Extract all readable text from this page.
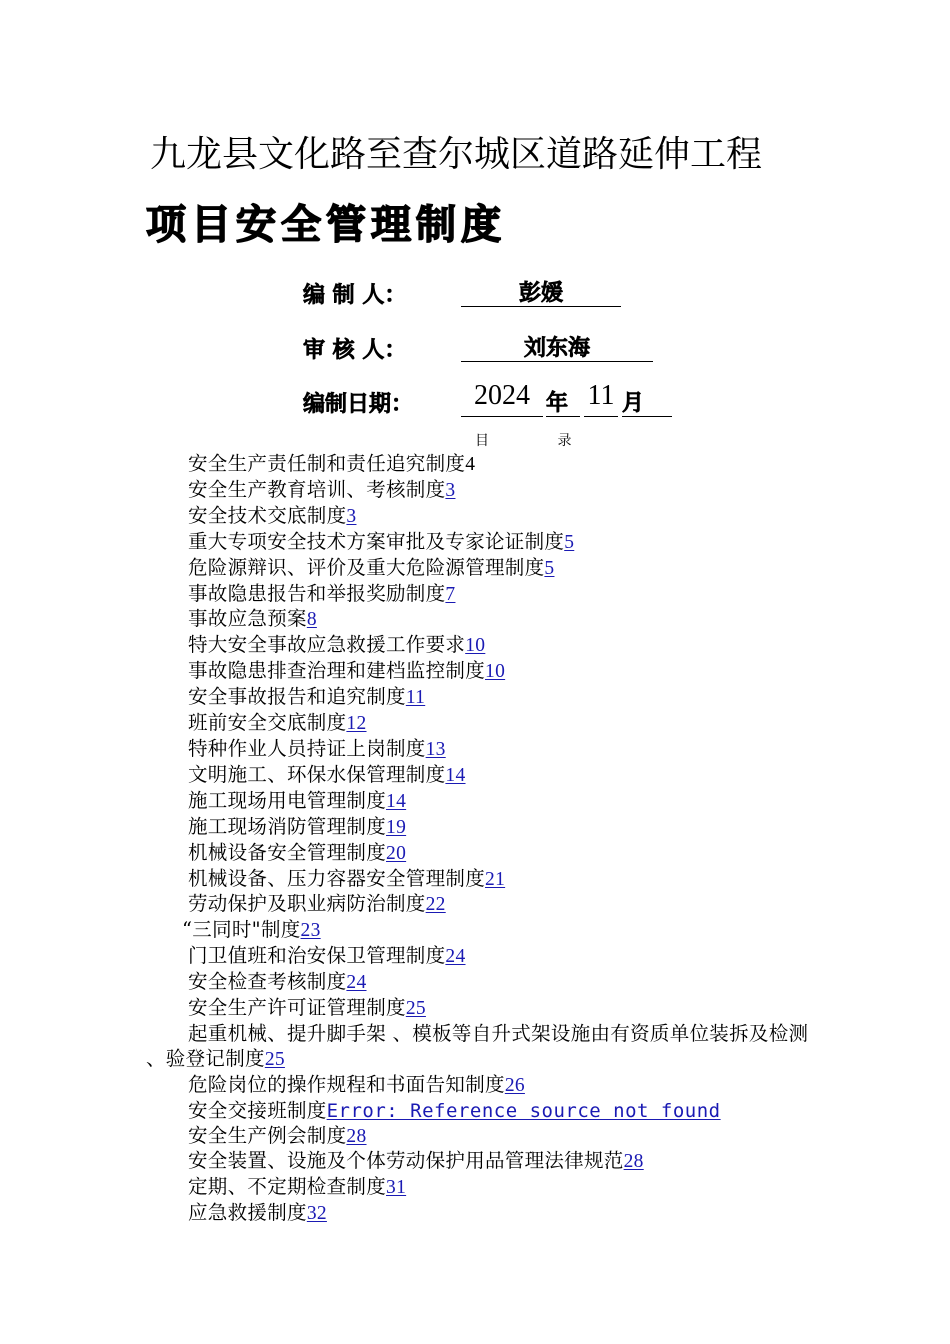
九龙县文化路至查尔城区道路延伸工程
项目安全管理制度
编 制 人：	彭媛
审 核 人：	刘东海
编制日期：	2024 年 11 月
目 录
安全生产责任制和责任追究制度4
安全生产教育培训、考核制度3
安全技术交底制度3
重大专项安全技术方案审批及专家论证制度5
危险源辩识、评价及重大危险源管理制度5
事故隐患报告和举报奖励制度7
事故应急预案8
特大安全事故应急救援工作要求10
事故隐患排查治理和建档监控制度10
安全事故报告和追究制度11
班前安全交底制度12
特种作业人员持证上岗制度13
文明施工、环保水保管理制度14
施工现场用电管理制度14
施工现场消防管理制度19
机械设备安全管理制度20
机械设备、压力容器安全管理制度21
劳动保护及职业病防治制度22
“三同时"制度23
门卫值班和治安保卫管理制度24
安全检查考核制度24
安全生产许可证管理制度25
起重机械、提升脚手架 、模板等自升式架设施由有资质单位装拆及检测 、验登记制度25
危险岗位的操作规程和书面告知制度26
安全交接班制度Error: Reference source not found
安全生产例会制度28
安全装置、设施及个体劳动保护用品管理法律规范28
定期、不定期检查制度31
应急救援制度32
